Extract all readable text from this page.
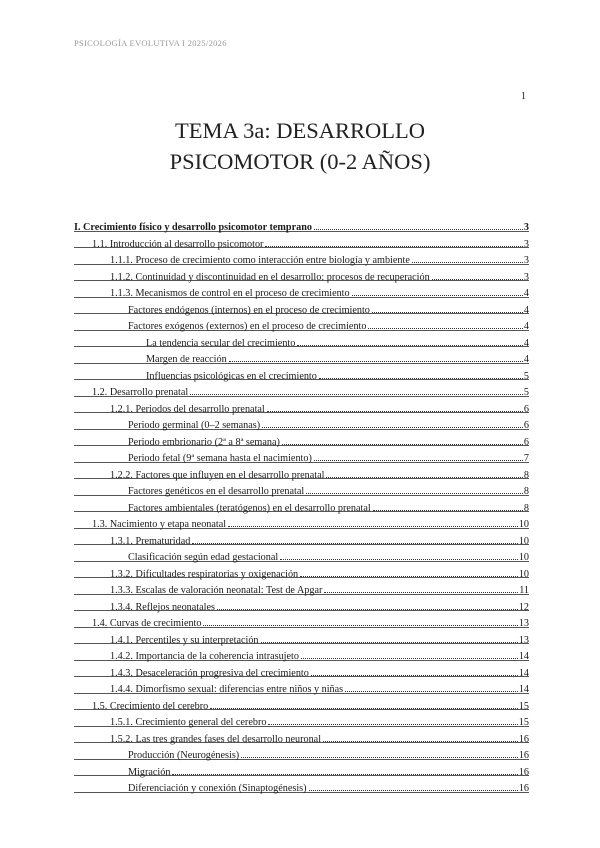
PSICOLOGÍA EVOLUTIVA I 2025/2026
1
TEMA 3a: DESARROLLO
PSICOMOTOR (0-2 AÑOS)
I. Crecimiento físico y desarrollo psicomotor temprano	3
1.1. Introducción al desarrollo psicomotor	3
1.1.1. Proceso de crecimiento como interacción entre biología y ambiente	3
1.1.2. Continuidad y discontinuidad en el desarrollo: procesos de recuperación	3
1.1.3. Mecanismos de control en el proceso de crecimiento	4
Factores endógenos (internos) en el proceso de crecimiento	4
Factores exógenos (externos) en el proceso de crecimiento	4
La tendencia secular del crecimiento	4
Margen de reacción	4
Influencias psicológicas en el crecimiento	5
1.2. Desarrollo prenatal	5
1.2.1. Periodos del desarrollo prenatal	6
Periodo germinal (0–2 semanas)	6
Periodo embrionario (2ª a 8ª semana)	6
Periodo fetal (9ª semana hasta el nacimiento)	7
1.2.2. Factores que influyen en el desarrollo prenatal	8
Factores genéticos en el desarrollo prenatal	8
Factores ambientales (teratógenos) en el desarrollo prenatal	8
1.3. Nacimiento y etapa neonatal	10
1.3.1. Prematuridad	10
Clasificación según edad gestacional	10
1.3.2. Dificultades respiratorias y oxigenación	10
1.3.3. Escalas de valoración neonatal: Test de Apgar	11
1.3.4. Reflejos neonatales	12
1.4. Curvas de crecimiento	13
1.4.1. Percentiles y su interpretación	13
1.4.2. Importancia de la coherencia intrasujeto	14
1.4.3. Desaceleración progresiva del crecimiento	14
1.4.4. Dimorfismo sexual: diferencias entre niños y niñas	14
1.5. Crecimiento del cerebro	15
1.5.1. Crecimiento general del cerebro	15
1.5.2. Las tres grandes fases del desarrollo neuronal	16
Producción (Neurogénesis)	16
Migración	16
Diferenciación y conexión (Sinaptogénesis)	16
